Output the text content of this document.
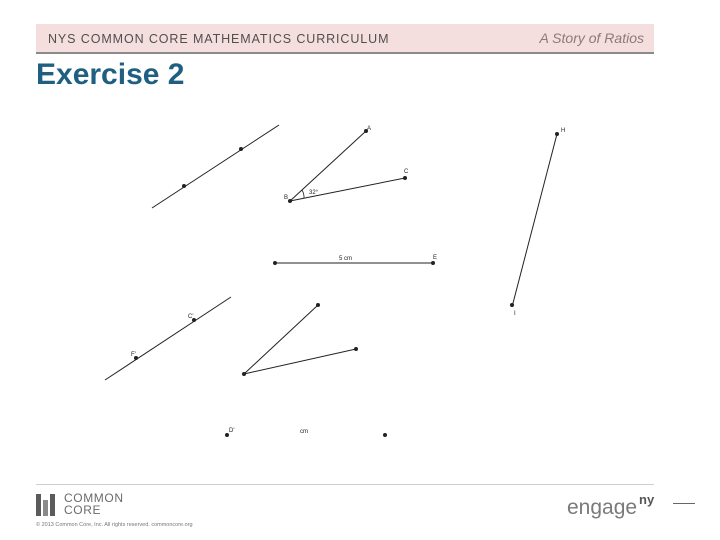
NYS COMMON CORE MATHEMATICS CURRICULUM	A Story of Ratios
Exercise 2
A
B
C
32°
5 cm	E
H
I
C'
F'
D'	cm
COMMON
CORE
© 2013 Common Core, Inc. All rights reserved. commoncore.org
engage ny
